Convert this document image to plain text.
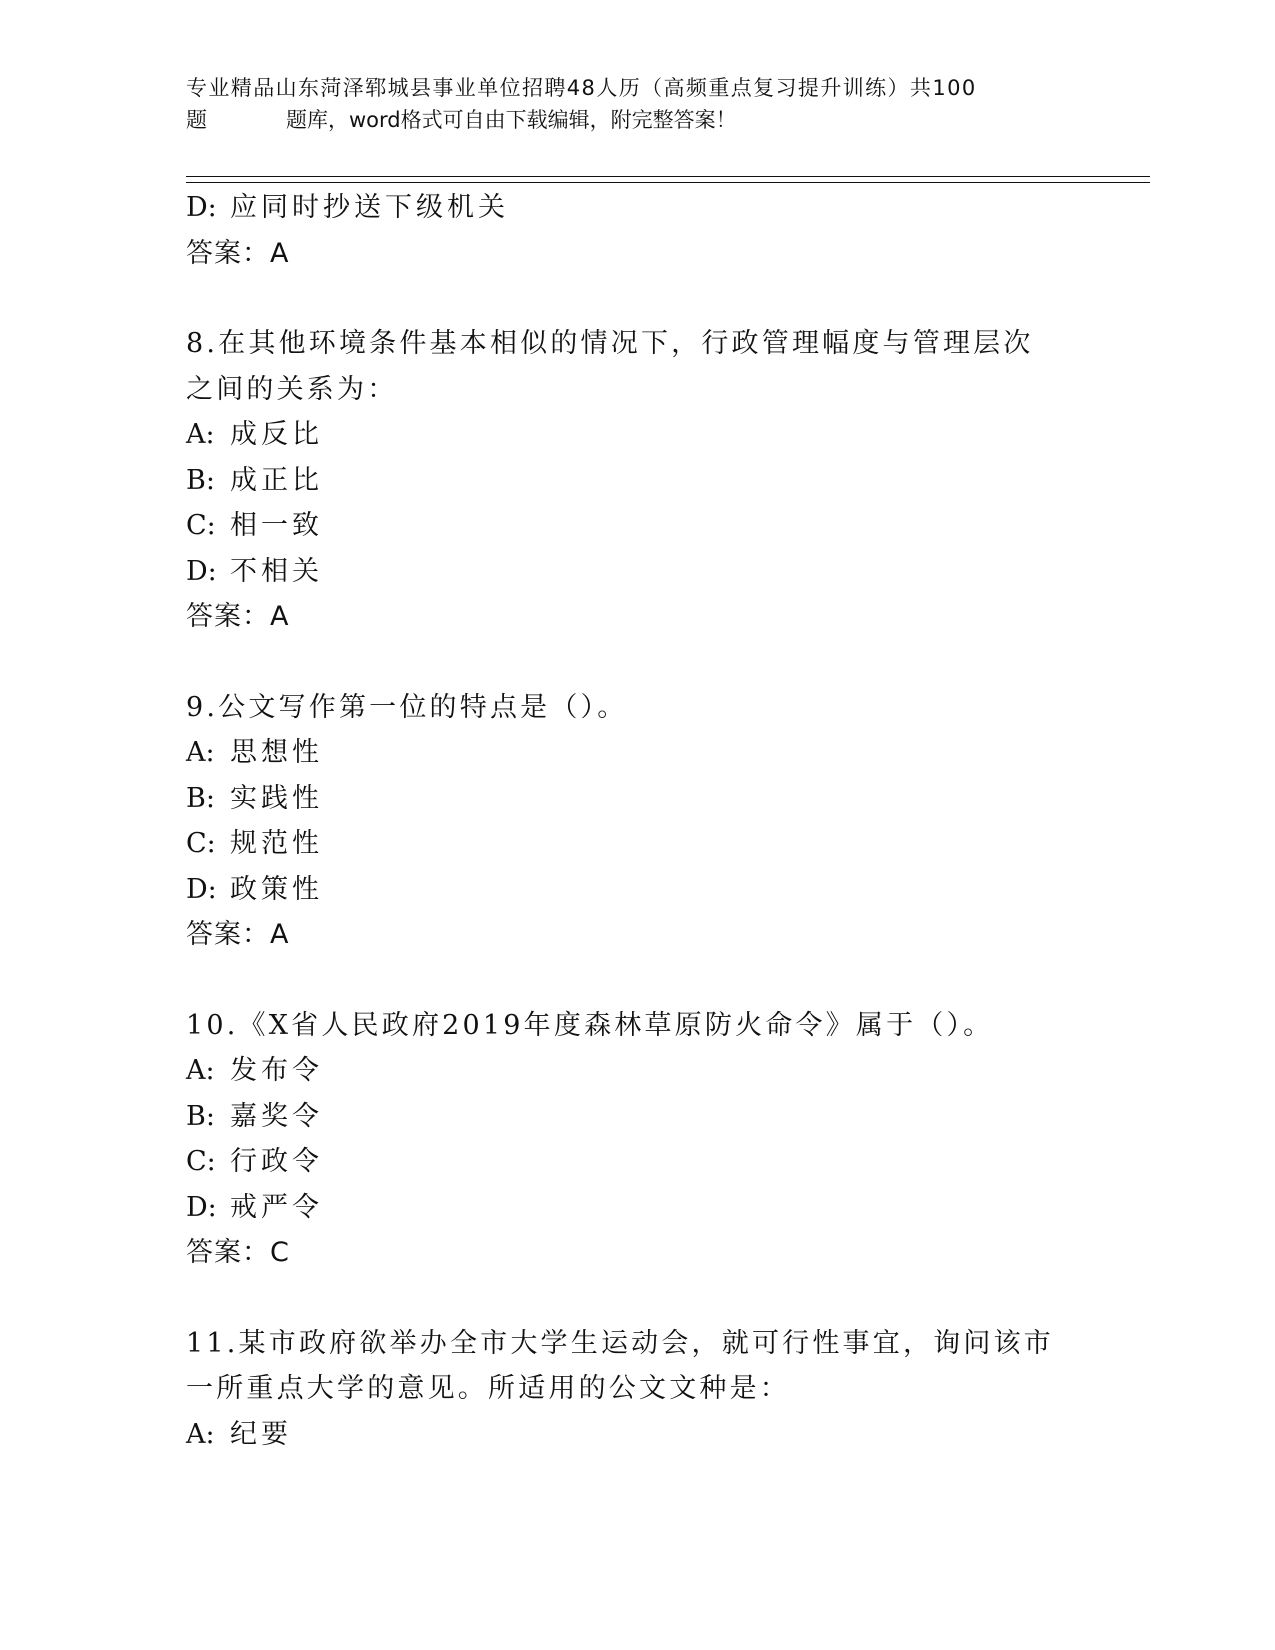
专业精品山东菏泽郓城县事业单位招聘48人历（高频重点复习提升训练）共100
题	题库，word格式可自由下载编辑，附完整答案！
D: 应同时抄送下级机关
答案：A
8.在其他环境条件基本相似的情况下，行政管理幅度与管理层次之间的关系为：
A: 成反比
B: 成正比
C: 相一致
D: 不相关
答案：A
9.公文写作第一位的特点是（）。
A: 思想性
B: 实践性
C: 规范性
D: 政策性
答案：A
10.《X省人民政府2019年度森林草原防火命令》属于（）。
A: 发布令
B: 嘉奖令
C: 行政令
D: 戒严令
答案：C
11.某市政府欲举办全市大学生运动会，就可行性事宜，询问该市一所重点大学的意见。所适用的公文文种是：
A: 纪要
